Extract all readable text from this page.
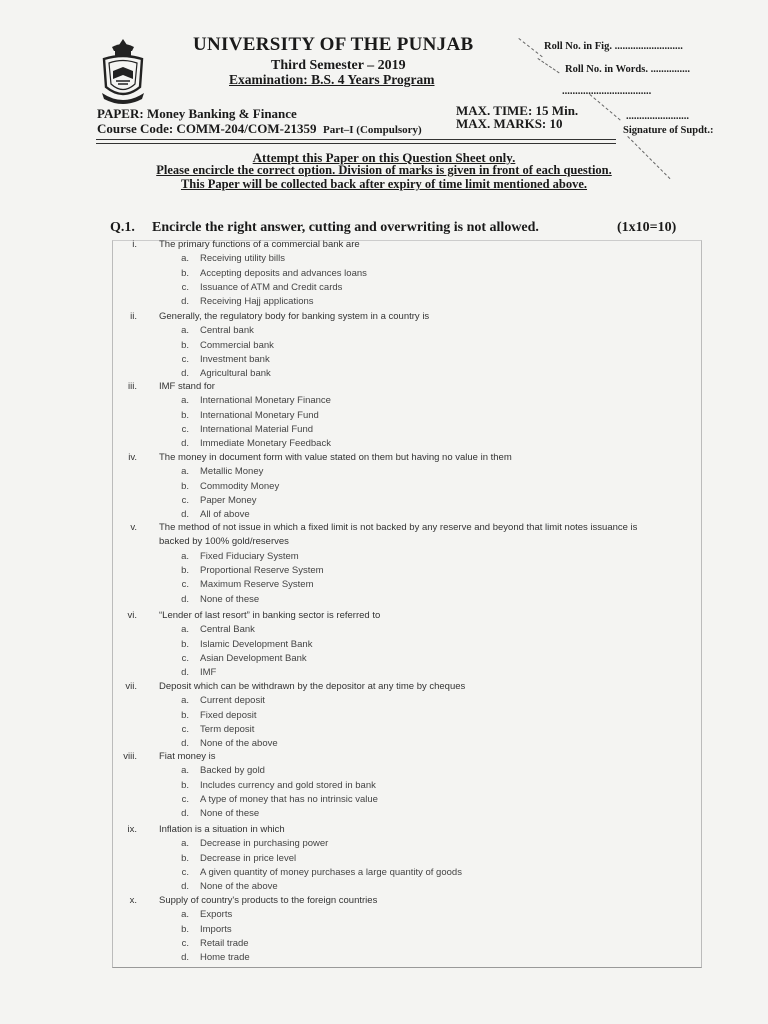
UNIVERSITY OF THE PUNJAB
Third Semester – 2019
Examination: B.S. 4 Years Program
Roll No. in Fig. ..........................
Roll No. in Words. ...............
..................................
PAPER: Money Banking & Finance
Course Code: COMM-204/COM-21359 Part–I (Compulsory)
MAX. TIME: 15 Min.
MAX. MARKS: 10	........................
Signature of Supdt.:
Attempt this Paper on this Question Sheet only.
Please encircle the correct option. Division of marks is given in front of each question.
This Paper will be collected back after expiry of time limit mentioned above.
Q.1. Encircle the right answer, cutting and overwriting is not allowed.	(1x10=10)
i. The primary functions of a commercial bank are
a. Receiving utility bills
b. Accepting deposits and advances loans
c. Issuance of ATM and Credit cards
d. Receiving Hajj applications
ii. Generally, the regulatory body for banking system in a country is
a. Central bank
b. Commercial bank
c. Investment bank
d. Agricultural bank
iii. IMF stand for
a. International Monetary Finance
b. International Monetary Fund
c. International Material Fund
d. Immediate Monetary Feedback
iv. The money in document form with value stated on them but having no value in them
a. Metallic Money
b. Commodity Money
c. Paper Money
d. All of above
v. The method of not issue in which a fixed limit is not backed by any reserve and beyond that limit notes issuance is
backed by 100% gold/reserves
a. Fixed Fiduciary System
b. Proportional Reserve System
c. Maximum Reserve System
d. None of these
vi. “Lender of last resort” in banking sector is referred to
a. Central Bank
b. Islamic Development Bank
c. Asian Development Bank
d. IMF
vii. Deposit which can be withdrawn by the depositor at any time by cheques
a. Current deposit
b. Fixed deposit
c. Term deposit
d. None of the above
viii. Fiat money is
a. Backed by gold
b. Includes currency and gold stored in bank
c. A type of money that has no intrinsic value
d. None of these
ix. Inflation is a situation in which
a. Decrease in purchasing power
b. Decrease in price level
c. A given quantity of money purchases a large quantity of goods
d. None of the above
x. Supply of country's products to the foreign countries
a. Exports
b. Imports
c. Retail trade
d. Home trade
